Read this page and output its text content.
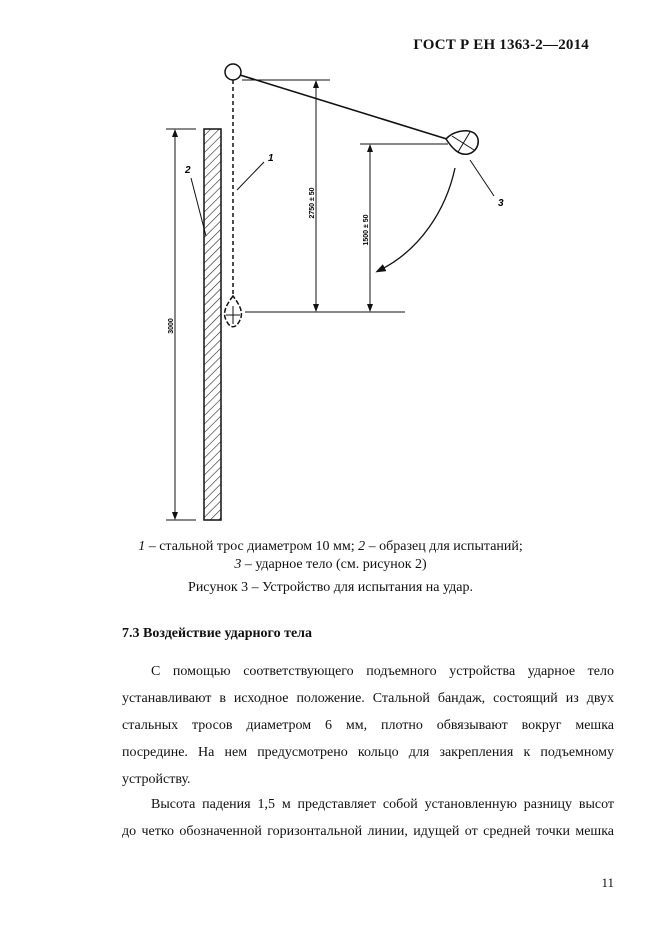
ГОСТ Р ЕН 1363-2—2014
3000
2750 ± 50
1500 ± 50
1
2
3
1 – стальной трос диаметром 10 мм; 2 – образец для испытаний;
3 – ударное тело (см. рисунок 2)
Рисунок 3 – Устройство для испытания на удар.
7.3 Воздействие ударного тела

С помощью соответствующего подъемного устройства ударное тело

устанавливают в исходное положение. Стальной бандаж, состоящий из двух

стальных тросов диаметром 6 мм, плотно обвязывают вокруг мешка

посредине. На нем предусмотрено кольцо для закрепления к подъемному

устройству.

Высота падения 1,5 м представляет собой установленную разницу высот

до четко обозначенной горизонтальной линии, идущей от средней точки мешка

11
